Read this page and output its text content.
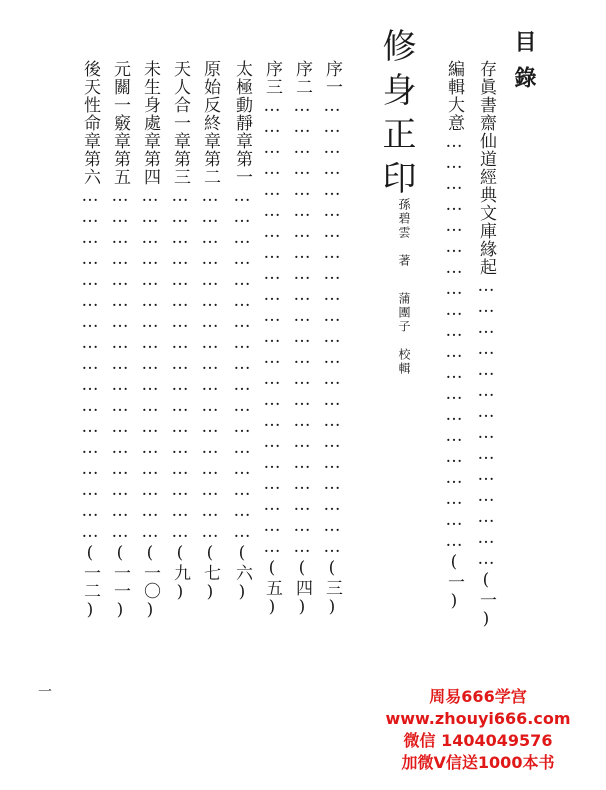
目錄
存眞書齋仙道經典文庫緣起……………………………………(一)
編輯大意……………………………………………………(一)
修身正印
孫碧雲　著蒲團子　校輯
序一…………………………………………………………(三)
序二…………………………………………………………(四)
序三…………………………………………………………(五)
太極動靜章第一……………………………………………(六)
原始反終章第二……………………………………………(七)
天人合一章第三……………………………………………(九)
未生身處章第四……………………………………………(一〇)
元關一竅章第五……………………………………………(一一)
後天性命章第六……………………………………………(一二)
一	周易666学宫
www.zhouyi666.com
微信 1404049576
加微V信送1000本书
